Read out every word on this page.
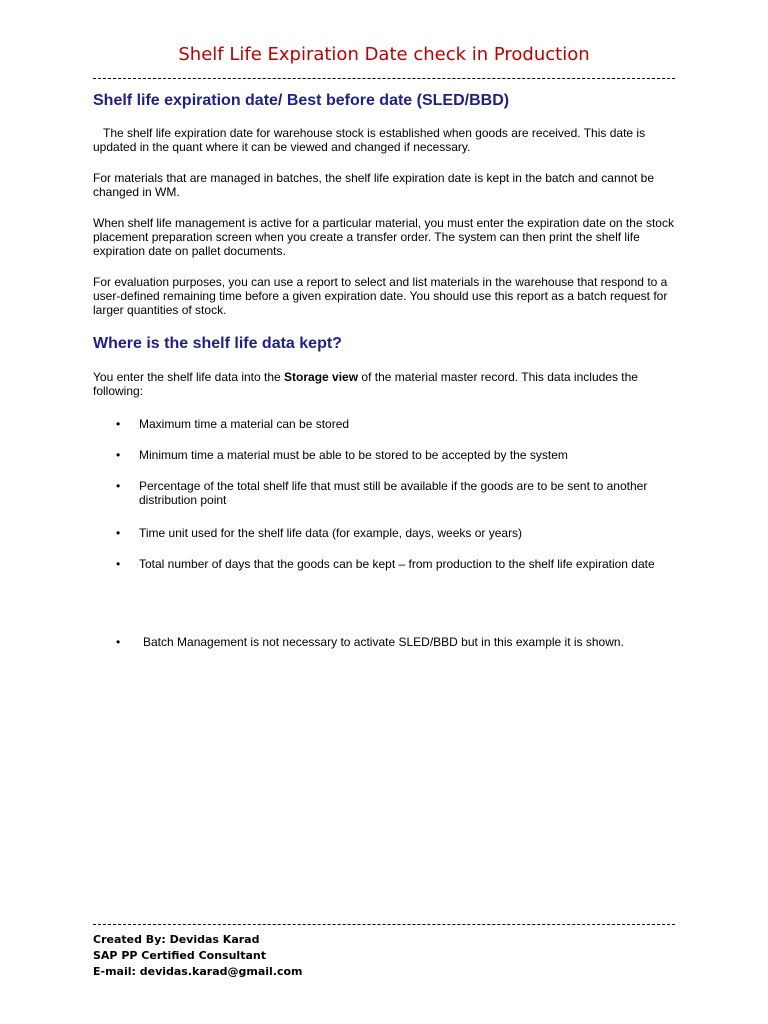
Shelf Life Expiration Date check in Production
Shelf life expiration date/ Best before date (SLED/BBD)
The shelf life expiration date for warehouse stock is established when goods are received. This date is updated in the quant where it can be viewed and changed if necessary.
For materials that are managed in batches, the shelf life expiration date is kept in the batch and cannot be changed in WM.
When shelf life management is active for a particular material, you must enter the expiration date on the stock placement preparation screen when you create a transfer order. The system can then print the shelf life expiration date on pallet documents.
For evaluation purposes, you can use a report to select and list materials in the warehouse that respond to a user-defined remaining time before a given expiration date. You should use this report as a batch request for larger quantities of stock.
Where is the shelf life data kept?
You enter the shelf life data into the Storage view of the material master record. This data includes the following:
• Maximum time a material can be stored
• Minimum time a material must be able to be stored to be accepted by the system
• Percentage of the total shelf life that must still be available if the goods are to be sent to another distribution point
• Time unit used for the shelf life data (for example, days, weeks or years)
• Total number of days that the goods can be kept – from production to the shelf life expiration date
• Batch Management is not necessary to activate SLED/BBD but in this example it is shown.
Created By: Devidas Karad
SAP PP Certified Consultant
E-mail: devidas.karad@gmail.com
